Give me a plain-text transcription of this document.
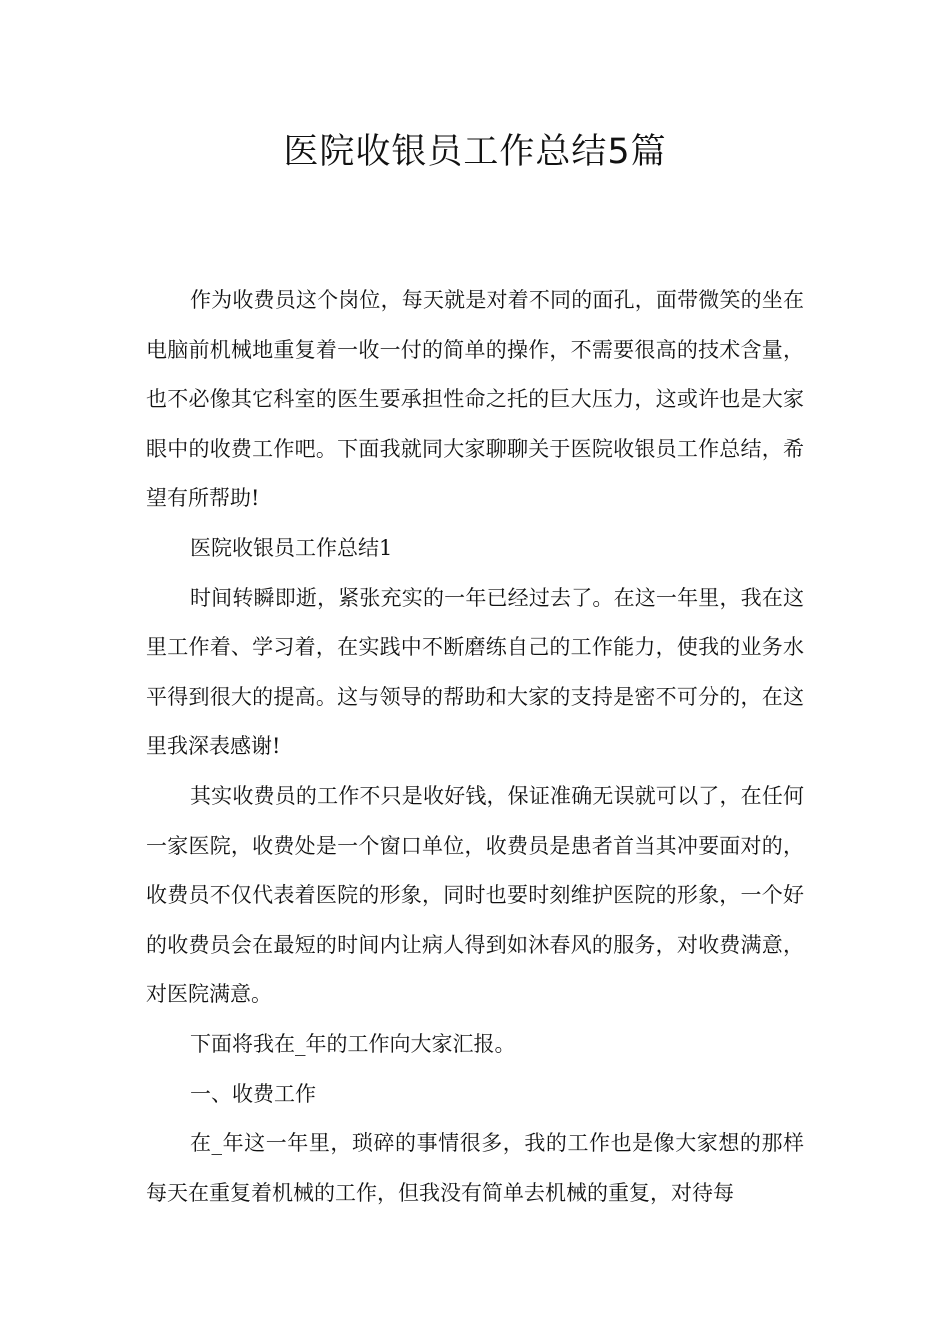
医院收银员工作总结5篇

作为收费员这个岗位，每天就是对着不同的面孔，面带微笑的坐在电脑前机械地重复着一收一付的简单的操作，不需要很高的技术含量，也不必像其它科室的医生要承担性命之托的巨大压力，这或许也是大家眼中的收费工作吧。下面我就同大家聊聊关于医院收银员工作总结，希望有所帮助!

医院收银员工作总结1

时间转瞬即逝，紧张充实的一年已经过去了。在这一年里，我在这里工作着、学习着，在实践中不断磨练自己的工作能力，使我的业务水平得到很大的提高。这与领导的帮助和大家的支持是密不可分的，在这里我深表感谢!

其实收费员的工作不只是收好钱，保证准确无误就可以了，在任何一家医院，收费处是一个窗口单位，收费员是患者首当其冲要面对的，收费员不仅代表着医院的形象，同时也要时刻维护医院的形象，一个好的收费员会在最短的时间内让病人得到如沐春风的服务，对收费满意，对医院满意。

下面将我在_年的工作向大家汇报。

一、收费工作

在_年这一年里，琐碎的事情很多，我的工作也是像大家想的那样每天在重复着机械的工作，但我没有简单去机械的重复，对待每
